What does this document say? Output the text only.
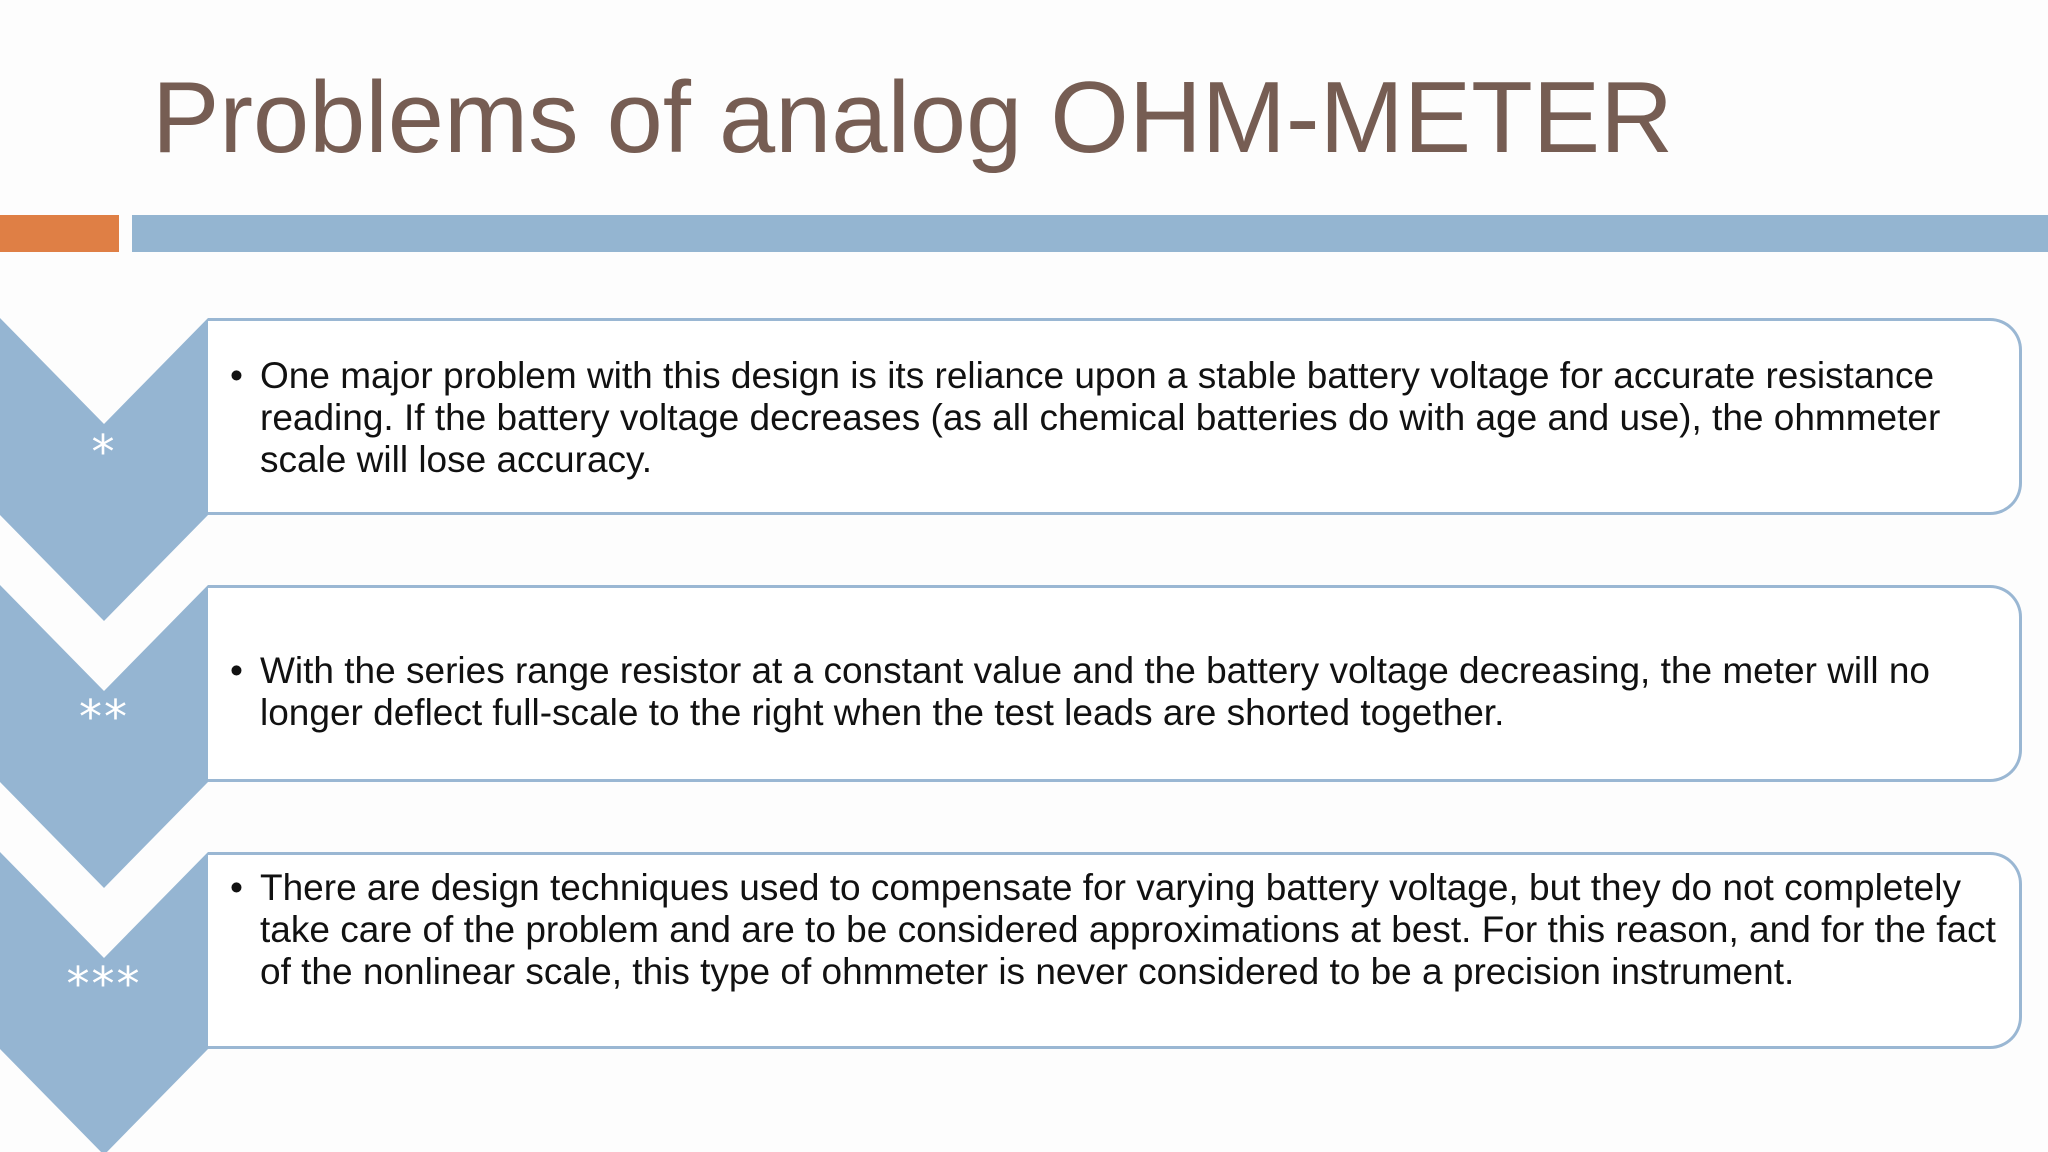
Problems of analog OHM-METER
*
**
***
• One major problem with this design is its reliance upon a stable battery voltage for accurate resistance reading. If the battery voltage decreases (as all chemical batteries do with age and use), the ohmmeter scale will lose accuracy.
• With the series range resistor at a constant value and the battery voltage decreasing, the meter will no longer deflect full-scale to the right when the test leads are shorted together.
• There are design techniques used to compensate for varying battery voltage, but they do not completely take care of the problem and are to be considered approximations at best. For this reason, and for the fact of the nonlinear scale, this type of ohmmeter is never considered to be a precision instrument.
